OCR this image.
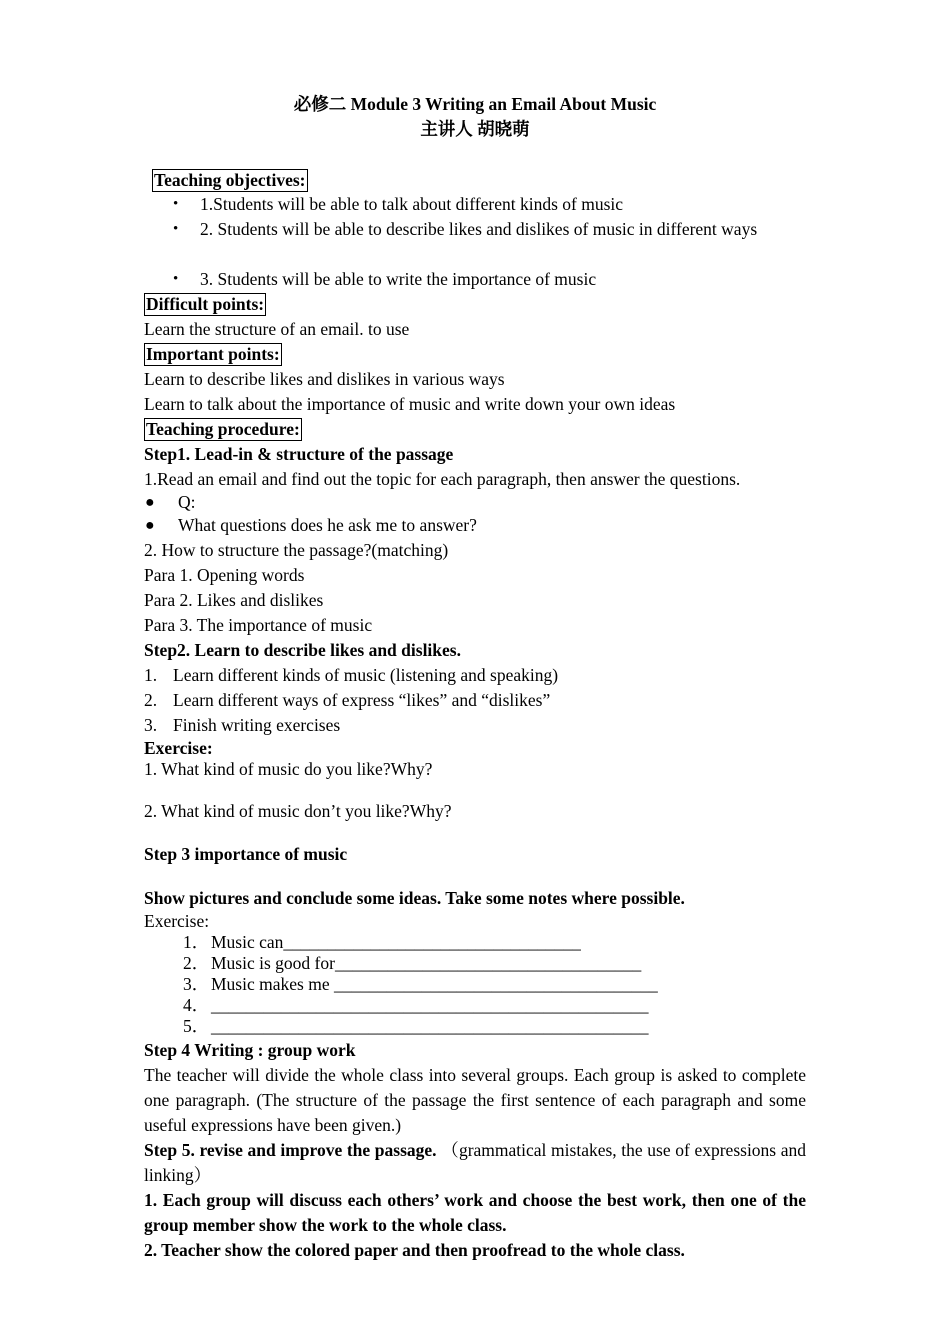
必修二 Module 3 Writing an Email About Music
主讲人 胡晓萌
Teaching objectives:
• 1.Students will be able to talk about different kinds of music
• 2. Students will be able to describe likes and dislikes of music in different ways
• 3. Students will be able to write the importance of music
Difficult points:
Learn the structure of an email. to use
Important points:
Learn to describe likes and dislikes in various ways
Learn to talk about the importance of music and write down your own ideas
Teaching procedure:
Step1. Lead-in & structure of the passage
1.Read an email and find out the topic for each paragraph, then answer the questions.
● Q:
● What questions does he ask me to answer?
2. How to structure the passage?(matching)
Para 1. Opening words
Para 2. Likes and dislikes
Para 3. The importance of music
Step2. Learn to describe likes and dislikes.
1. Learn different kinds of music (listening and speaking)
2. Learn different ways of express “likes” and “dislikes”
3. Finish writing exercises
Exercise:
1. What kind of music do you like?Why?
2. What kind of music don’t you like?Why?
Step 3 importance of music
Show pictures and conclude some ideas. Take some notes where possible.
Exercise:
1． Music can__________________________________
2． Music is good for___________________________________
3． Music makes me _____________________________________
4． __________________________________________________
5． __________________________________________________
Step 4 Writing : group work
The teacher will divide the whole class into several groups. Each group is asked to complete one paragraph. (The structure of the passage the first sentence of each paragraph and some useful expressions have been given.)
Step 5. revise and improve the passage. （grammatical mistakes, the use of expressions and linking）
1. Each group will discuss each others’ work and choose the best work, then one of the group member show the work to the whole class.
2. Teacher show the colored paper and then proofread to the whole class.
